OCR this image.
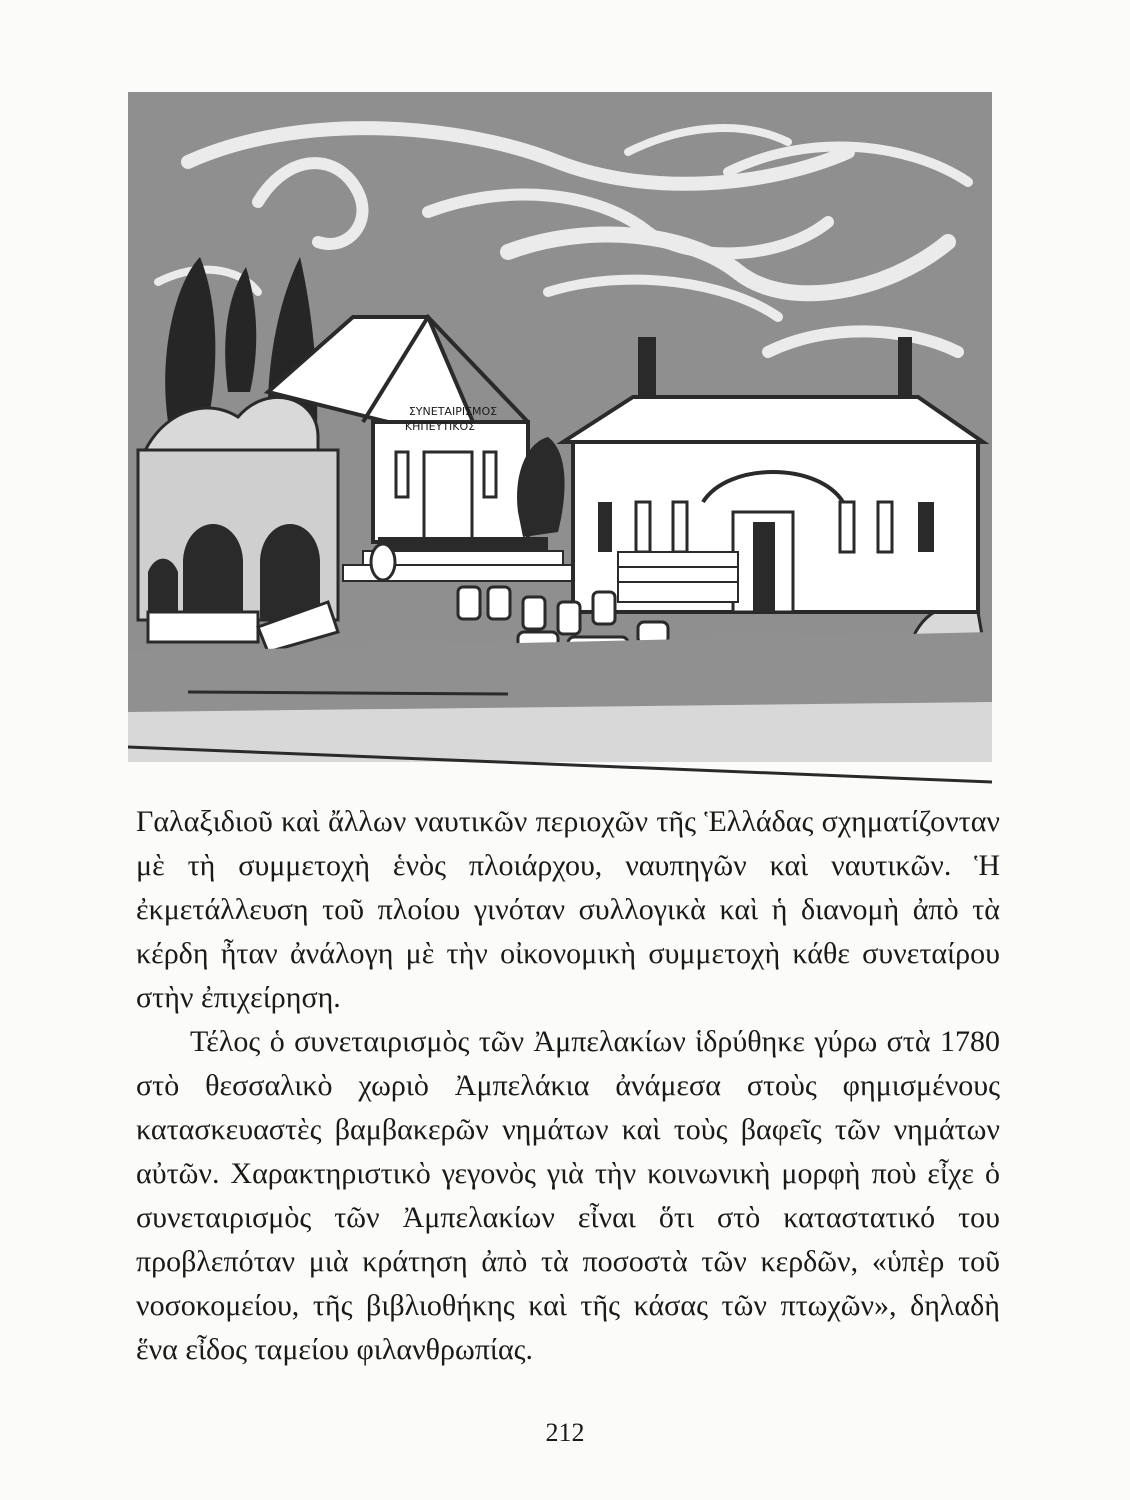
ΣΥΝΕΤΑΙΡΙΣΜΟΣ
ΚΗΠΕΥΤΙΚΟΣ

Γαλαξιδιοῦ καὶ ἄλλων ναυτικῶν περιοχῶν τῆς Ἑλλάδας σχηματίζονταν μὲ τὴ συμμετοχὴ ἑνὸς πλοιάρχου, ναυπηγῶν καὶ ναυτικῶν. Ἡ ἐκμετάλλευση τοῦ πλοίου γινόταν συλλογικὰ καὶ ἡ διανομὴ ἀπὸ τὰ κέρδη ἦταν ἀνάλογη μὲ τὴν οἰκονομικὴ συμμετοχὴ κάθε συνεταίρου στὴν ἐπιχείρηση.

Τέλος ὁ συνεταιρισμὸς τῶν Ἀμπελακίων ἱδρύθηκε γύρω στὰ 1780 στὸ θεσσαλικὸ χωριὸ Ἀμπελάκια ἀνάμεσα στοὺς φημισμένους κατασκευαστὲς βαμβακερῶν νημάτων καὶ τοὺς βαφεῖς τῶν νημάτων αὐτῶν. Χαρακτηριστικὸ γεγονὸς γιὰ τὴν κοινωνικὴ μορφὴ ποὺ εἶχε ὁ συνεταιρισμὸς τῶν Ἀμπελακίων εἶναι ὅτι στὸ καταστατικό του προβλεπόταν μιὰ κράτηση ἀπὸ τὰ ποσοστὰ τῶν κερδῶν, «ὑπὲρ τοῦ νοσοκομείου, τῆς βιβλιοθήκης καὶ τῆς κάσας τῶν πτωχῶν», δηλαδὴ ἕνα εἶδος ταμείου φιλανθρωπίας.

212
